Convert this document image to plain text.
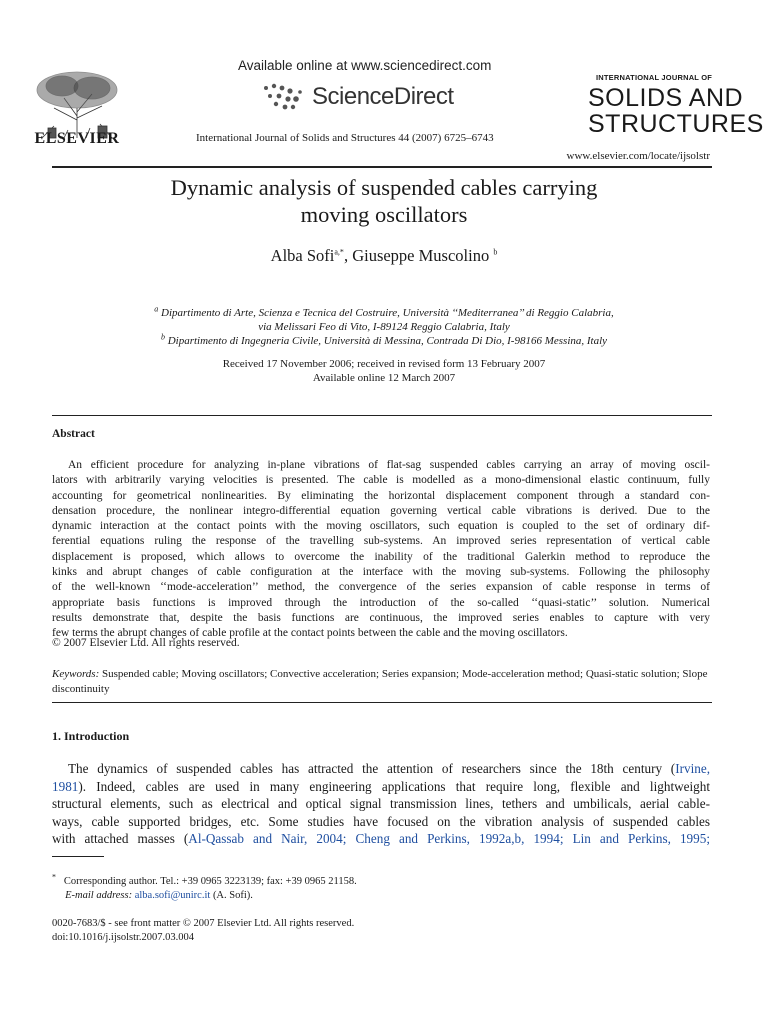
ELSEVIER
Available online at www.sciencedirect.com
ScienceDirect
International Journal of Solids and Structures 44 (2007) 6725–6743
INTERNATIONAL JOURNAL OF
SOLIDS AND
STRUCTURES
www.elsevier.com/locate/ijsolstr
Dynamic analysis of suspended cables carrying
moving oscillators
Alba Sofi$^{a,*}$, Giuseppe Muscolino $^b$
$^a$ Dipartimento di Arte, Scienza e Tecnica del Costruire, Università ‘‘Mediterranea’’ di Reggio Calabria,
via Melissari Feo di Vito, I-89124 Reggio Calabria, Italy
$^b$ Dipartimento di Ingegneria Civile, Università di Messina, Contrada Di Dio, I-98166 Messina, Italy
Received 17 November 2006; received in revised form 13 February 2007
Available online 12 March 2007
Abstract
An efficient procedure for analyzing in-plane vibrations of flat-sag suspended cables carrying an array of moving oscil-
lators with arbitrarily varying velocities is presented. The cable is modelled as a mono-dimensional elastic continuum, fully
accounting for geometrical nonlinearities. By eliminating the horizontal displacement component through a standard con-
densation procedure, the nonlinear integro-differential equation governing vertical cable vibrations is derived. Due to the
dynamic interaction at the contact points with the moving oscillators, such equation is coupled to the set of ordinary dif-
ferential equations ruling the response of the travelling sub-systems. An improved series representation of vertical cable
displacement is proposed, which allows to overcome the inability of the traditional Galerkin method to reproduce the
kinks and abrupt changes of cable configuration at the interface with the moving sub-systems. Following the philosophy
of the well-known ‘‘mode-acceleration’’ method, the convergence of the series expansion of cable response in terms of
appropriate basis functions is improved through the introduction of the so-called ‘‘quasi-static’’ solution. Numerical
results demonstrate that, despite the basis functions are continuous, the improved series enables to capture with very
few terms the abrupt changes of cable profile at the contact points between the cable and the moving oscillators.
© 2007 Elsevier Ltd. All rights reserved.
Keywords: Suspended cable; Moving oscillators; Convective acceleration; Series expansion; Mode-acceleration method; Quasi-static solution; Slope discontinuity
1. Introduction
The dynamics of suspended cables has attracted the attention of researchers since the 18th century (Irvine,
1981). Indeed, cables are used in many engineering applications that require long, flexible and lightweight
structural elements, such as electrical and optical signal transmission lines, tethers and umbilicals, aerial cable-
ways, cable supported bridges, etc. Some studies have focused on the vibration analysis of suspended cables
with attached masses (Al-Qassab and Nair, 2004; Cheng and Perkins, 1992a,b, 1994; Lin and Perkins, 1995;
* Corresponding author. Tel.: +39 0965 3223139; fax: +39 0965 21158.
E-mail address: alba.sofi@unirc.it (A. Sofi).
0020-7683/$ - see front matter © 2007 Elsevier Ltd. All rights reserved.
doi:10.1016/j.ijsolstr.2007.03.004
